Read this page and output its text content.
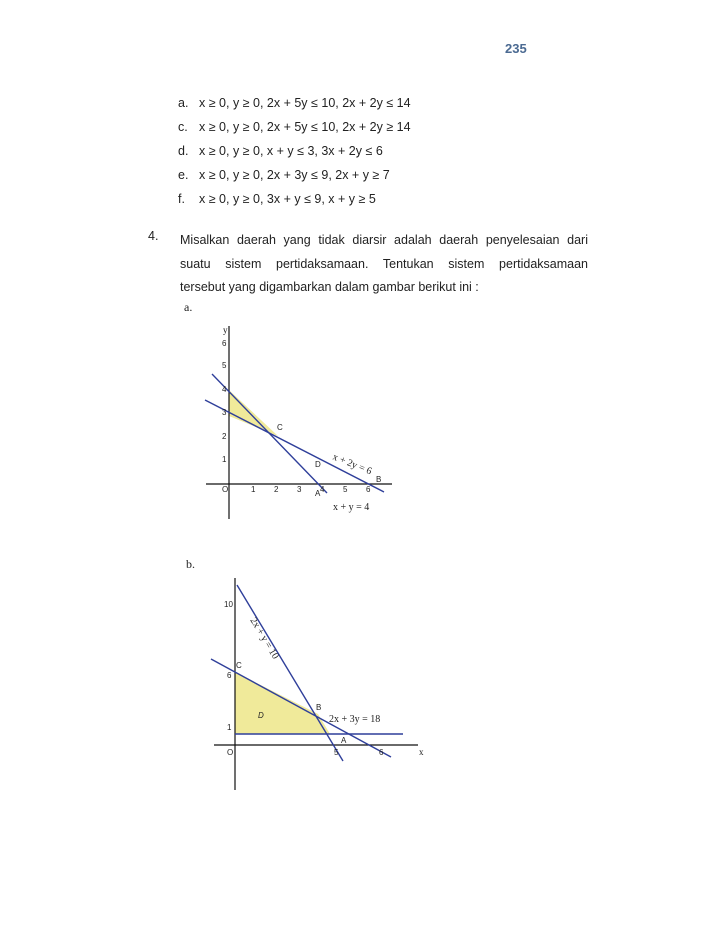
235
a. x ≥ 0, y ≥ 0, 2x + 5y ≤ 10, 2x + 2y ≤ 14
c. x ≥ 0, y ≥ 0, 2x + 5y ≤ 10, 2x + 2y ≥ 14
d. x ≥ 0, y ≥ 0, x + y ≤ 3, 3x + 2y ≤ 6
e. x ≥ 0, y ≥ 0, 2x + 3y ≤ 9, 2x + y ≥ 7
f. x ≥ 0, y ≥ 0, 3x + y ≤ 9, x + y ≥ 5
4. Misalkan daerah yang tidak diarsir adalah daerah penyelesaian dari
suatu sistem pertidaksamaan. Tentukan sistem pertidaksamaan
tersebut yang digambarkan dalam gambar berikut ini :
a.
b.
y
6
5
4
3
2
1
O	1 2 3 4 5 6
C
D
A
B
x + 2y = 6
x + y = 4
10
6
1
O	5	6	x
C
B
A
D
2x + y = 10
2x + 3y = 18
